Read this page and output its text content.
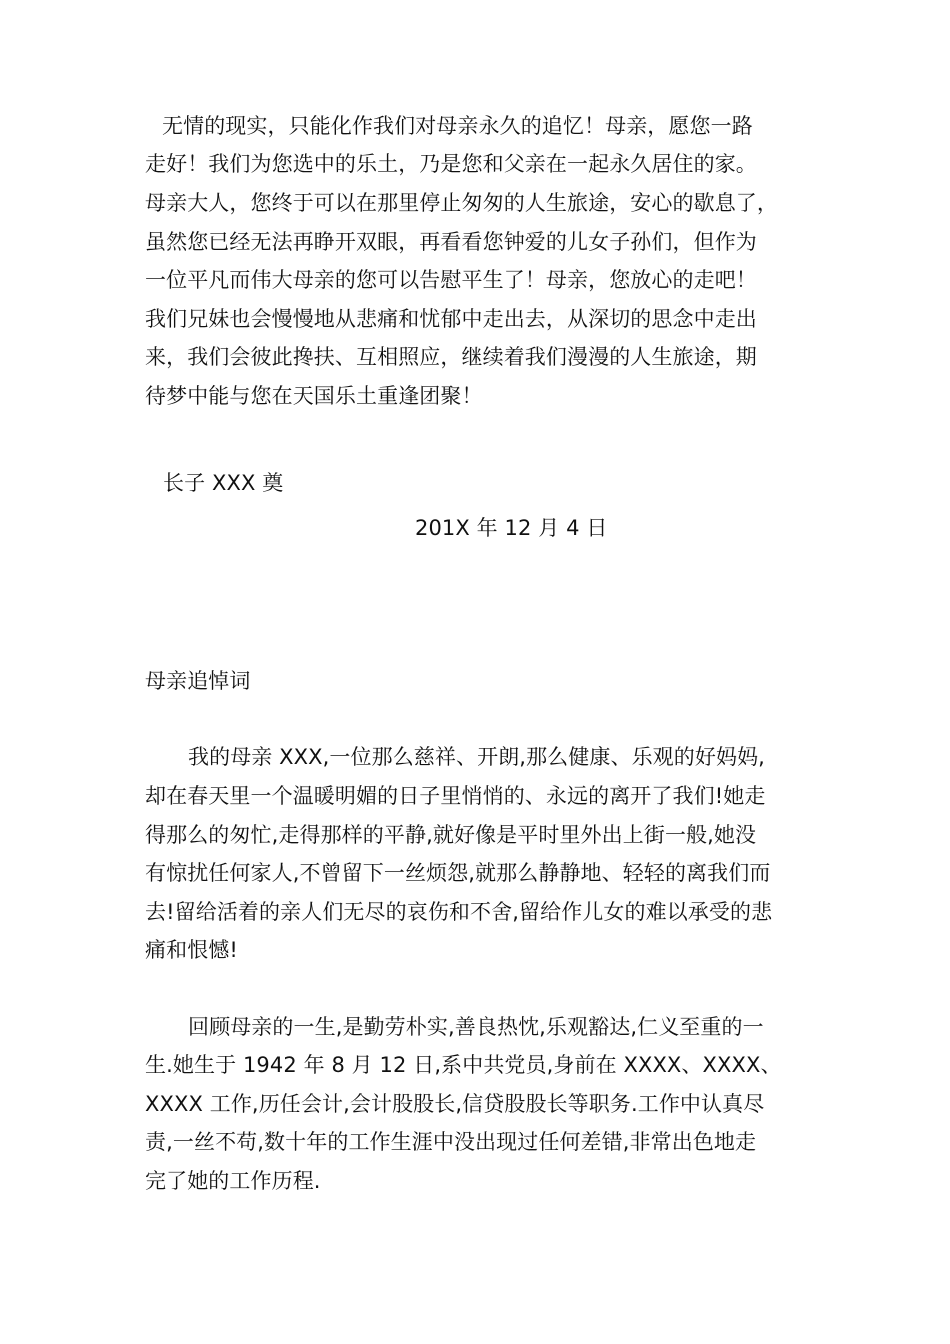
无情的现实，只能化作我们对母亲永久的追忆！母亲，愿您一路
走好！我们为您选中的乐土，乃是您和父亲在一起永久居住的家。
母亲大人，您终于可以在那里停止匆匆的人生旅途，安心的歇息了，
虽然您已经无法再睁开双眼，再看看您钟爱的儿女子孙们，但作为
一位平凡而伟大母亲的您可以告慰平生了！母亲，您放心的走吧！
我们兄妹也会慢慢地从悲痛和忧郁中走出去，从深切的思念中走出
来，我们会彼此搀扶、互相照应，继续着我们漫漫的人生旅途，期
待梦中能与您在天国乐土重逢团聚！
长子 XXX 奠
201X 年 12 月 4 日
母亲追悼词
我的母亲 XXX,一位那么慈祥、开朗,那么健康、乐观的好妈妈,
却在春天里一个温暖明媚的日子里悄悄的、永远的离开了我们!她走
得那么的匆忙,走得那样的平静,就好像是平时里外出上街一般,她没
有惊扰任何家人,不曾留下一丝烦怨,就那么静静地、轻轻的离我们而
去!留给活着的亲人们无尽的哀伤和不舍,留给作儿女的难以承受的悲
痛和恨憾!
回顾母亲的一生,是勤劳朴实,善良热忱,乐观豁达,仁义至重的一
生.她生于 1942 年 8 月 12 日,系中共党员,身前在 XXXX、XXXX、
XXXX 工作,历任会计,会计股股长,信贷股股长等职务.工作中认真尽
责,一丝不苟,数十年的工作生涯中没出现过任何差错,非常出色地走
完了她的工作历程.
